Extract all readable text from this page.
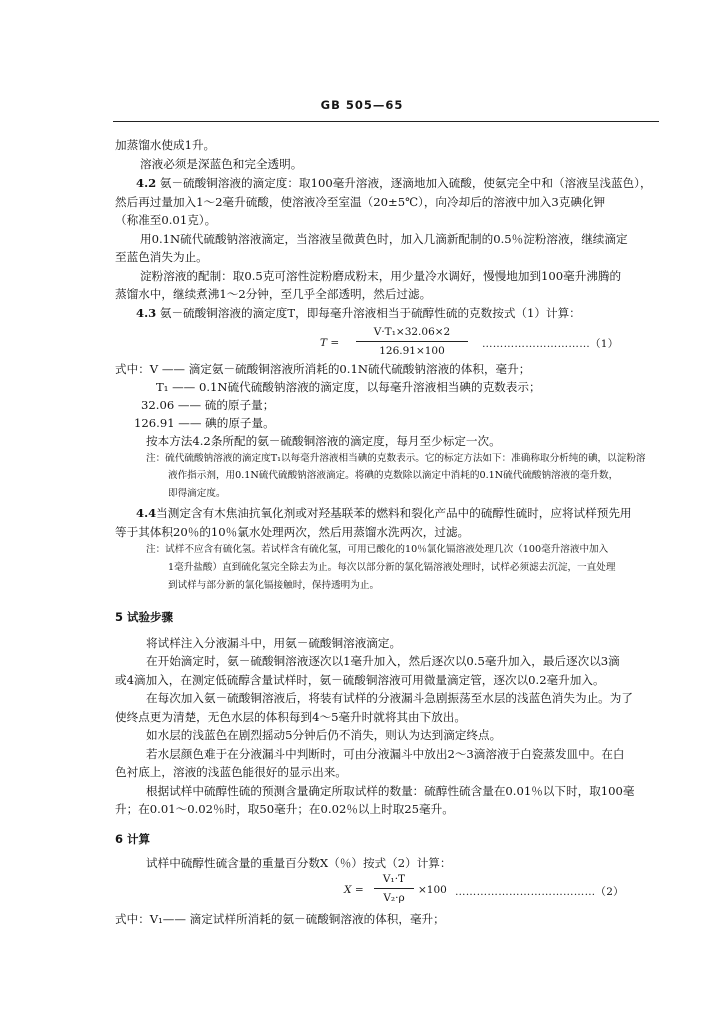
GB 505—65
加蒸馏水使成1升。
溶液必须是深蓝色和完全透明。
4.2 氨－硫酸铜溶液的滴定度：取100毫升溶液，逐滴地加入硫酸，使氨完全中和（溶液呈浅蓝色），
然后再过量加入1～2毫升硫酸，使溶液冷至室温（20±5℃），向冷却后的溶液中加入3克碘化钾
（称准至0.01克）。
用0.1N硫代硫酸钠溶液滴定，当溶液呈微黄色时，加入几滴新配制的0.5％淀粉溶液，继续滴定
至蓝色消失为止。
淀粉溶液的配制：取0.5克可溶性淀粉磨成粉末，用少量冷水调好，慢慢地加到100毫升沸腾的
蒸馏水中，继续煮沸1～2分钟，至几乎全部透明，然后过滤。
4.3 氨－硫酸铜溶液的滴定度T，即每毫升溶液相当于硫醇性硫的克数按式（1）计算：
T =
V·T₁×32.06×2
126.91×100
…………………………（1）
式中：V —— 滴定氨－硫酸铜溶液所消耗的0.1N硫代硫酸钠溶液的体积，毫升；
T₁ —— 0.1N硫代硫酸钠溶液的滴定度，以每毫升溶液相当碘的克数表示；
32.06 —— 硫的原子量；
126.91 —— 碘的原子量。
按本方法4.2条所配的氨－硫酸铜溶液的滴定度，每月至少标定一次。
注：硫代硫酸钠溶液的滴定度T₁以每毫升溶液相当碘的克数表示。它的标定方法如下：准确称取分析纯的碘，以淀粉溶
液作指示剂，用0.1N硫代硫酸钠溶液滴定。将碘的克数除以滴定中消耗的0.1N硫代硫酸钠溶液的毫升数，
即得滴定度。
4.4当测定含有木焦油抗氧化剂或对羟基联苯的燃料和裂化产品中的硫醇性硫时，应将试样预先用
等于其体积20％的10％氯水处理两次，然后用蒸馏水洗两次，过滤。
注：试样不应含有硫化氢。若试样含有硫化氢，可用已酸化的10％氯化镉溶液处理几次（100毫升溶液中加入
1毫升盐酸）直到硫化氢完全除去为止。每次以部分新的氯化镉溶液处理时，试样必须滤去沉淀，一直处理
到试样与部分新的氯化镉接触时，保持透明为止。
5 试验步骤
将试样注入分液漏斗中，用氨－硫酸铜溶液滴定。
在开始滴定时，氨－硫酸铜溶液逐次以1毫升加入，然后逐次以0.5毫升加入，最后逐次以3滴
或4滴加入，在测定低硫醇含量试样时，氨－硫酸铜溶液可用微量滴定管，逐次以0.2毫升加入。
在每次加入氨－硫酸铜溶液后，将装有试样的分液漏斗急剧振荡至水层的浅蓝色消失为止。为了
使终点更为清楚，无色水层的体积每到4～5毫升时就将其由下放出。
如水层的浅蓝色在剧烈摇动5分钟后仍不消失，则认为达到滴定终点。
若水层颜色难于在分液漏斗中判断时，可由分液漏斗中放出2～3滴溶液于白瓷蒸发皿中。在白
色衬底上，溶液的浅蓝色能很好的显示出来。
根据试样中硫醇性硫的预测含量确定所取试样的数量：硫醇性硫含量在0.01％以下时，取100毫
升；在0.01～0.02％时，取50毫升；在0.02％以上时取25毫升。
6 计算
试样中硫醇性硫含量的重量百分数X（％）按式（2）计算：
X =
V₁·T
V₂·ρ
×100 …………………………………（2）
式中：V₁—— 滴定试样所消耗的氨－硫酸铜溶液的体积，毫升；
